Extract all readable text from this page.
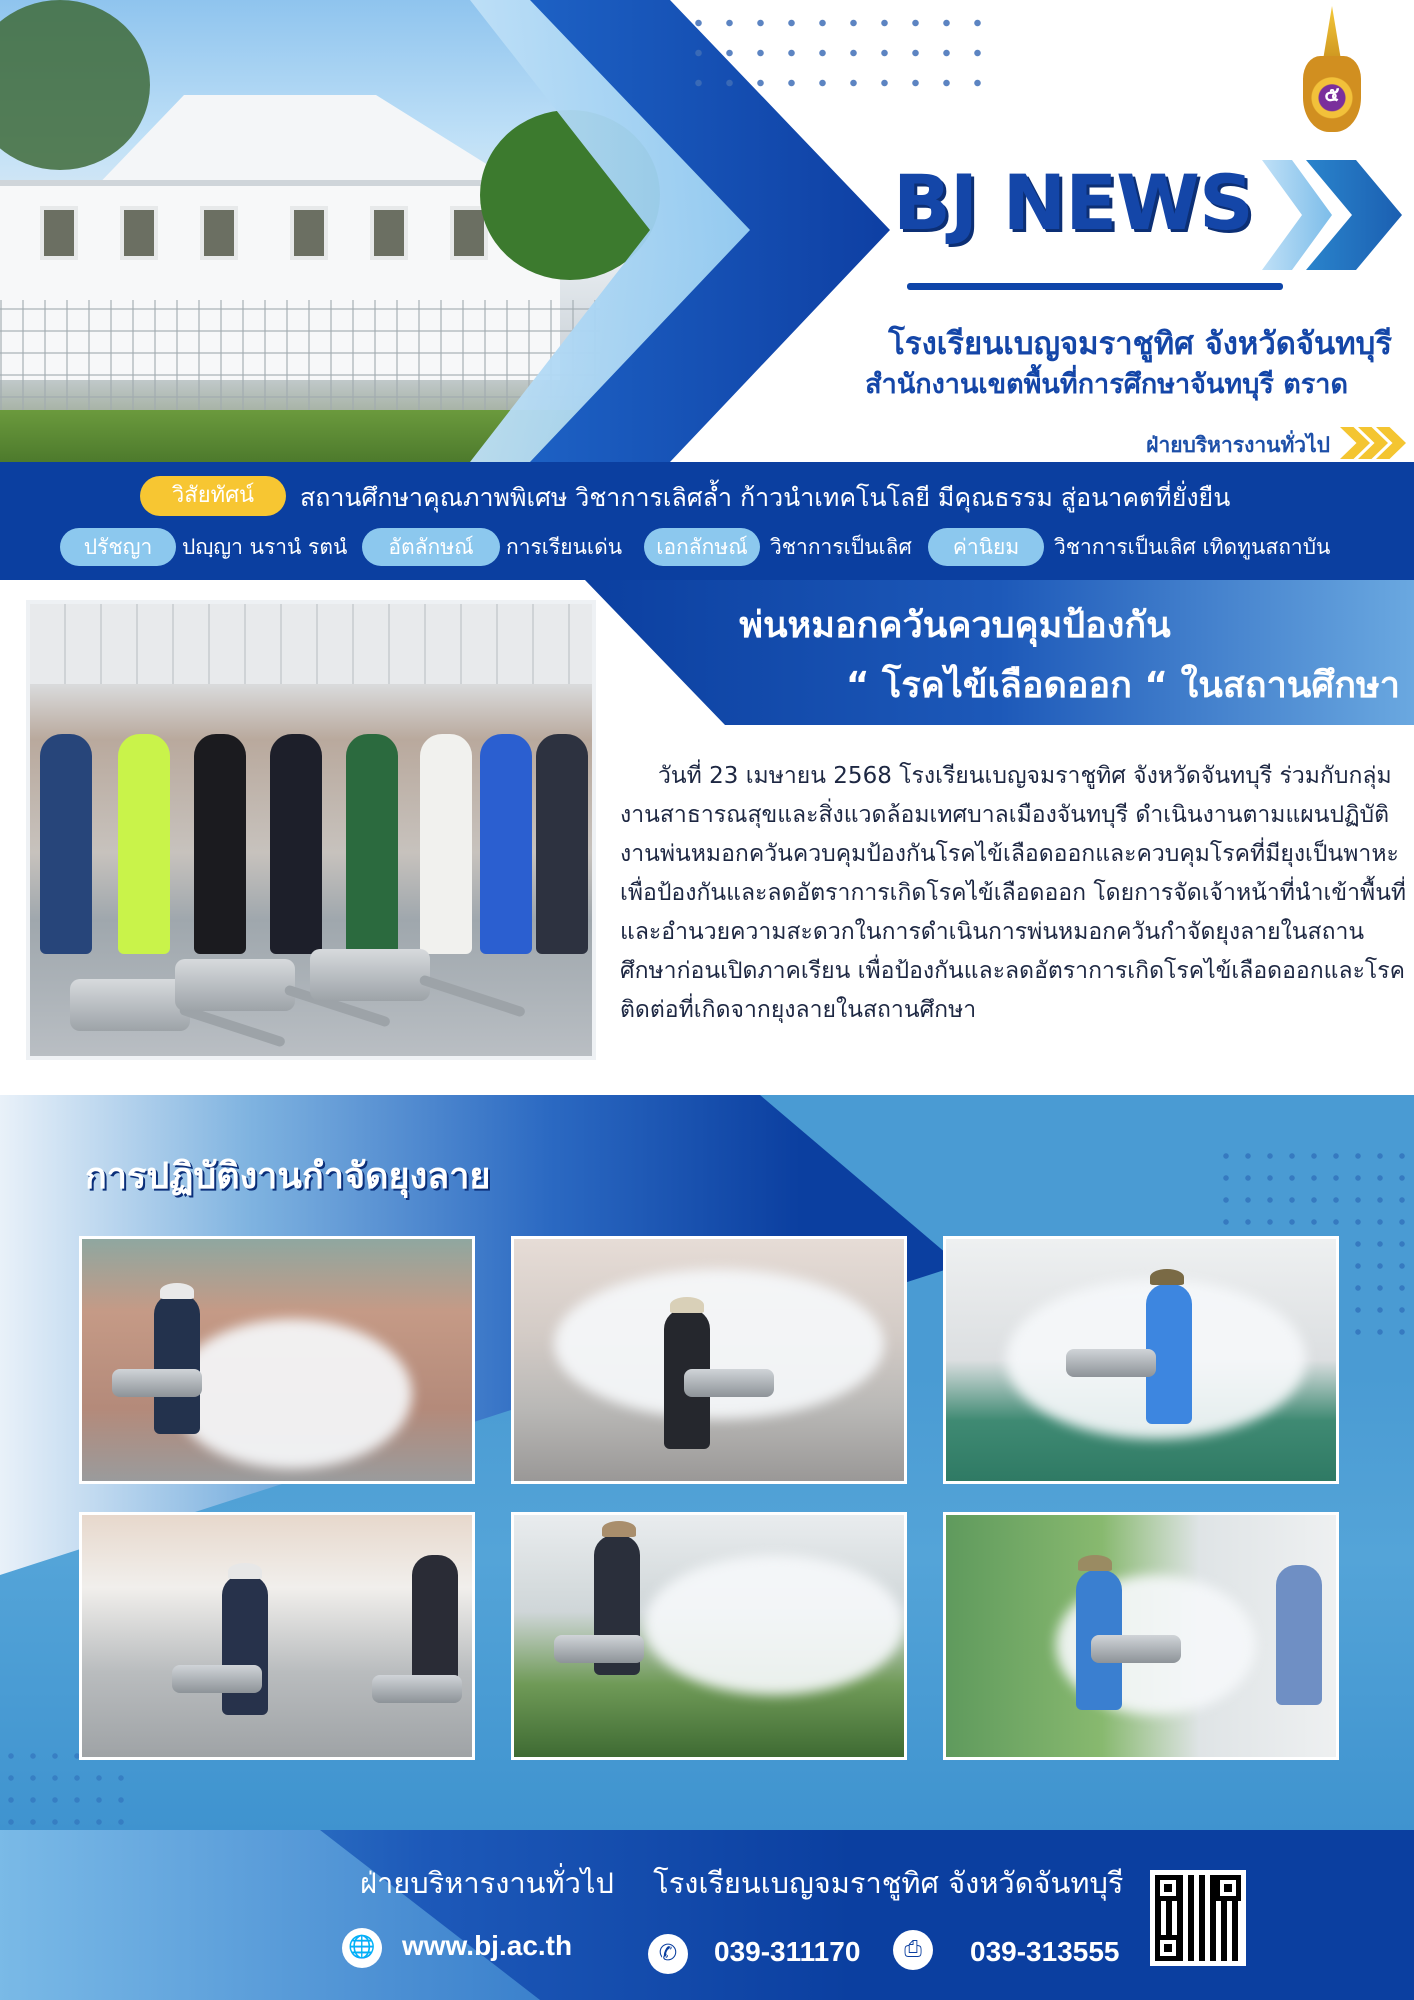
๕
BJ NEWS
โรงเรียนเบญจมราชูทิศ จังหวัดจันทบุรี
สำนักงานเขตพื้นที่การศึกษาจันทบุรี ตราด
ฝ่ายบริหารงานทั่วไป
วิสัยทัศน์	สถานศึกษาคุณภาพพิเศษ วิชาการเลิศล้ำ ก้าวนำเทคโนโลยี มีคุณธรรม สู่อนาคตที่ยั่งยืน
ปรัชญา	ปญฺญา นรานํ รตนํ	อัตลักษณ์	การเรียนเด่น	เอกลักษณ์	วิชาการเป็นเลิศ	ค่านิยม	วิชาการเป็นเลิศ เทิดทูนสถาบัน
พ่นหมอกควันควบคุมป้องกัน
“ โรคไข้เลือดออก “ ในสถานศึกษา

วันที่ 23 เมษายน 2568 โรงเรียนเบญจมราชูทิศ จังหวัดจันทบุรี ร่วมกับกลุ่มงานสาธารณสุขและสิ่งแวดล้อมเทศบาลเมืองจันทบุรี ดำเนินงานตามแผนปฏิบัติงานพ่นหมอกควันควบคุมป้องกันโรคไข้เลือดออกและควบคุมโรคที่มียุงเป็นพาหะเพื่อป้องกันและลดอัตราการเกิดโรคไข้เลือดออก โดยการจัดเจ้าหน้าที่นำเข้าพื้นที่และอำนวยความสะดวกในการดำเนินการพ่นหมอกควันกำจัดยุงลายในสถานศึกษาก่อนเปิดภาคเรียน เพื่อป้องกันและลดอัตราการเกิดโรคไข้เลือดออกและโรคติดต่อที่เกิดจากยุงลายในสถานศึกษา

การปฏิบัติงานกำจัดยุงลาย
ฝ่ายบริหารงานทั่วไป โรงเรียนเบญจมราชูทิศ จังหวัดจันทบุรี
🌐 www.bj.ac.th	✆	039-311170	⎙	039-313555
